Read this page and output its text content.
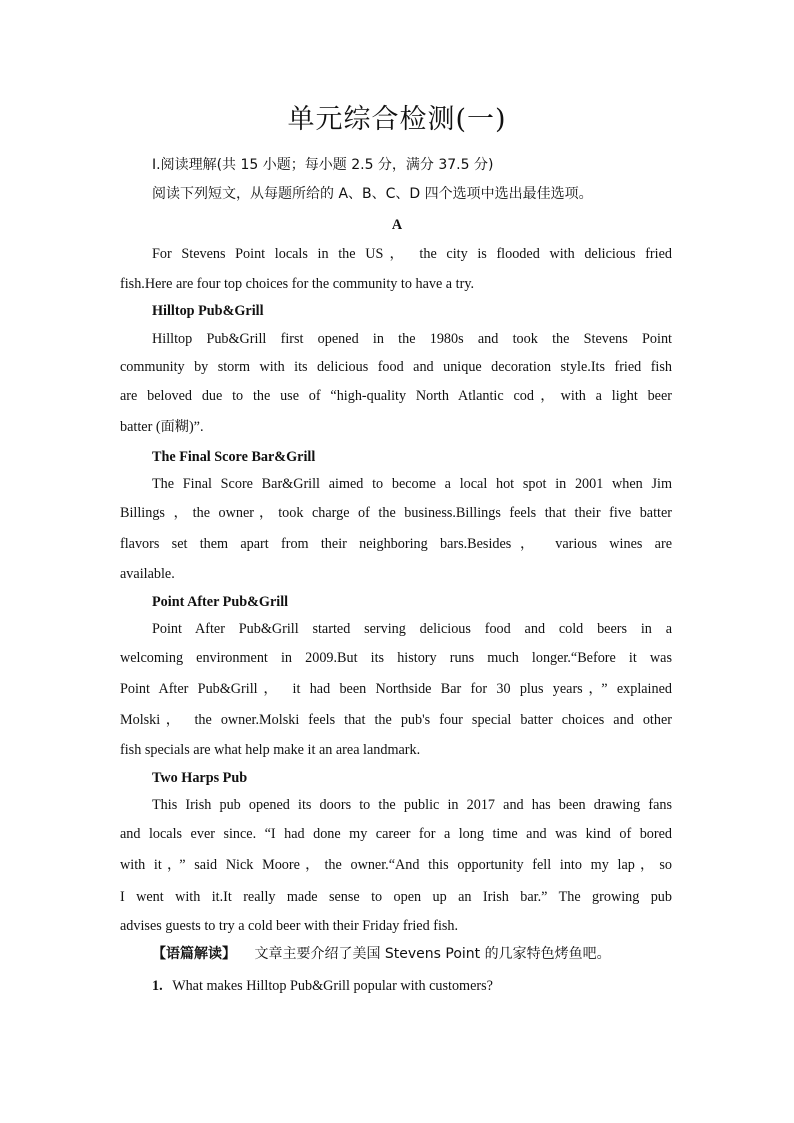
单元综合检测(一)
Ⅰ.阅读理解(共 15 小题；每小题 2.5 分，满分 37.5 分)
阅读下列短文，从每题所给的 A、B、C、D 四个选项中选出最佳选项。
A
For Stevens Point locals in the US， the city is flooded with delicious fried
fish.Here are four top choices for the community to have a try.
Hilltop Pub&Grill
Hilltop Pub&Grill first opened in the 1980s and took the Stevens Point
community by storm with its delicious food and unique decoration style.Its fried fish
are beloved due to the use of “high-quality North Atlantic cod，with a light beer
batter (面糊)”.
The Final Score Bar&Grill
The Final Score Bar&Grill aimed to become a local hot spot in 2001 when Jim
Billings ，the owner，took charge of the business.Billings feels that their five batter
flavors set them apart from their neighboring bars.Besides， various wines are
available.
Point After Pub&Grill
Point After Pub&Grill started serving delicious food and cold beers in a
welcoming environment in 2009.But its history runs much longer.“Before it was
Point After Pub&Grill， it had been Northside Bar for 30 plus years，” explained
Molski， the owner.Molski feels that the pub's four special batter choices and other
fish specials are what help make it an area landmark.
Two Harps Pub
This Irish pub opened its doors to the public in 2017 and has been drawing fans
and locals ever since. “I had done my career for a long time and was kind of bored
with it，” said Nick Moore，the owner.“And this opportunity fell into my lap，so
I went with it.It really made sense to open up an Irish bar.” The growing pub
advises guests to try a cold beer with their Friday fried fish.
【语篇解读】 文章主要介绍了美国 Stevens Point 的几家特色烤鱼吧。
1. What makes Hilltop Pub&Grill popular with customers?
